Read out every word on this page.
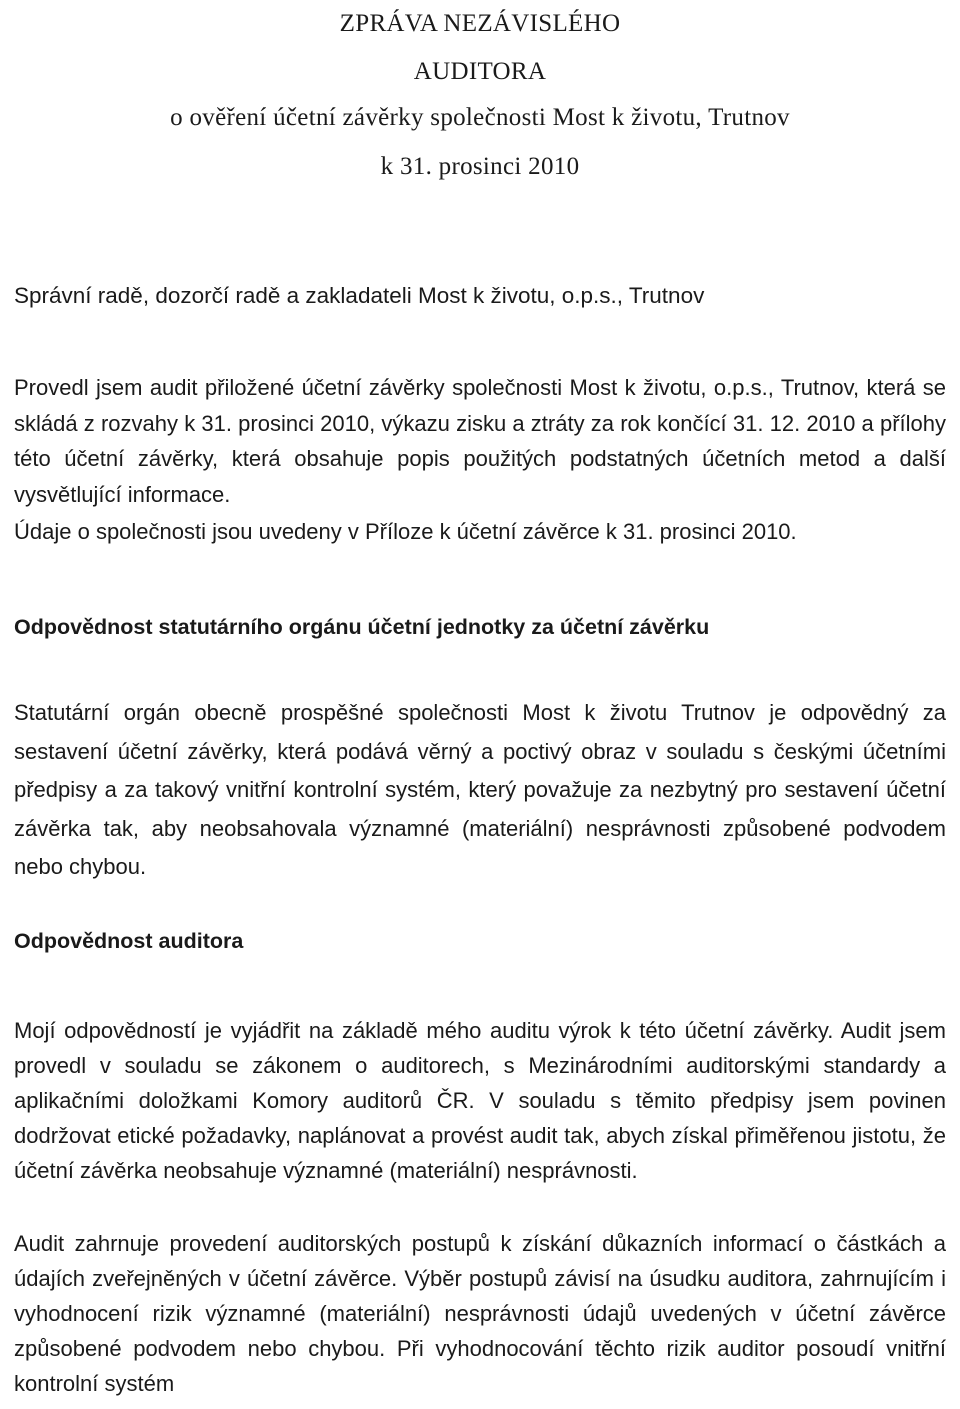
ZPRÁVA NEZÁVISLÉHO
AUDITORA
o ověření účetní závěrky společnosti Most k životu, Trutnov
k 31. prosinci 2010
Správní radě, dozorčí radě a zakladateli Most k životu, o.p.s., Trutnov

Provedl jsem audit přiložené účetní závěrky společnosti Most k životu, o.p.s., Trutnov, která se skládá z rozvahy k 31. prosinci 2010, výkazu zisku a ztráty za rok končící 31. 12. 2010 a přílohy této účetní závěrky, která obsahuje popis použitých podstatných účetních metod a další vysvětlující informace.

Údaje o společnosti jsou uvedeny v Příloze k účetní závěrce k 31. prosinci 2010.

Odpovědnost statutárního orgánu účetní jednotky za účetní závěrku

Statutární orgán obecně prospěšné společnosti Most k životu Trutnov je odpovědný za sestavení účetní závěrky, která podává věrný a poctivý obraz v souladu s českými účetními předpisy a za takový vnitřní kontrolní systém, který považuje za nezbytný pro sestavení účetní závěrka tak, aby neobsahovala významné (materiální) nesprávnosti způsobené podvodem nebo chybou.

Odpovědnost auditora

Mojí odpovědností je vyjádřit na základě mého auditu výrok k této účetní závěrky. Audit jsem provedl v souladu se zákonem o auditorech, s Mezinárodními auditorskými standardy a aplikačními doložkami Komory auditorů ČR. V souladu s těmito předpisy jsem povinen dodržovat etické požadavky, naplánovat a provést audit tak, abych získal přiměřenou jistotu, že účetní závěrka neobsahuje významné (materiální) nesprávnosti.

Audit zahrnuje provedení auditorských postupů k získání důkazních informací o částkách a údajích zveřejněných v účetní závěrce. Výběr postupů závisí na úsudku auditora, zahrnujícím i vyhodnocení rizik významné (materiální) nesprávnosti údajů uvedených v účetní závěrce způsobené podvodem nebo chybou. Při vyhodnocování těchto rizik auditor posoudí vnitřní kontrolní systém
